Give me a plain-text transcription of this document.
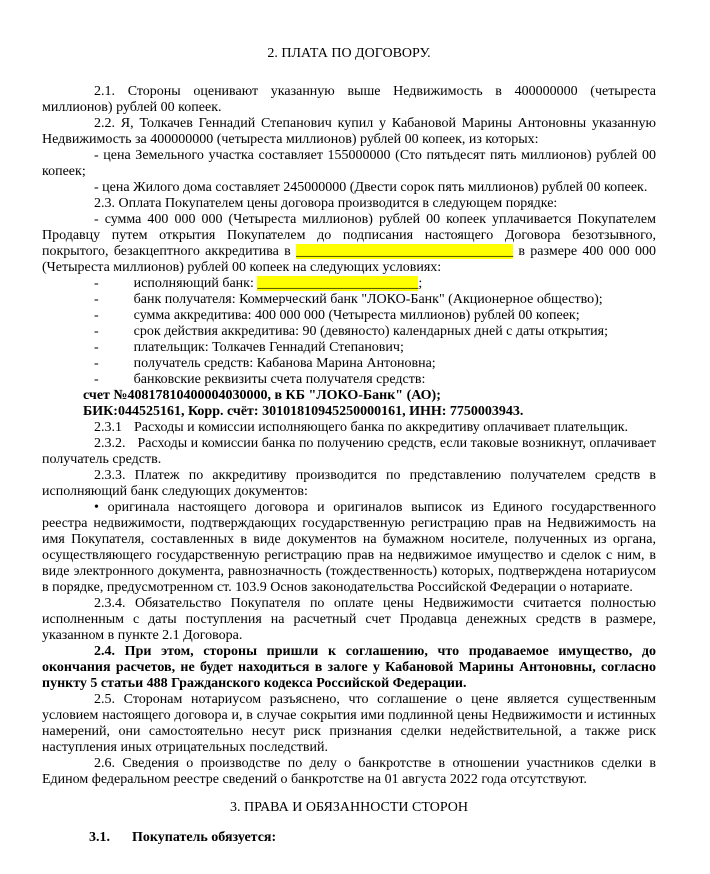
2. ПЛАТА ПО ДОГОВОРУ.

2.1. Стороны оценивают указанную выше Недвижимость в 400000000 (четыреста миллионов) рублей 00 копеек.

2.2. Я, Толкачев Геннадий Степанович купил у Кабановой Марины Антоновны указанную Недвижимость за 400000000 (четыреста миллионов) рублей 00 копеек, из которых:

- цена Земельного участка составляет 155000000 (Сто пятьдесят пять миллионов) рублей 00 копеек;

- цена Жилого дома составляет 245000000 (Двести сорок пять миллионов) рублей 00 копеек.

2.3. Оплата Покупателем цены договора производится в следующем порядке:

- сумма 400 000 000 (Четыреста миллионов) рублей 00 копеек уплачивается Покупателем Продавцу путем открытия Покупателем до подписания настоящего Договора безотзывного, покрытого, безакцептного аккредитива в _______________________________ в размере 400 000 000 (Четыреста миллионов) рублей 00 копеек на следующих условиях:

-	исполняющий банк: _______________________;

-	банк получателя: Коммерческий банк "ЛОКО-Банк" (Акционерное общество);

-	сумма аккредитива: 400 000 000 (Четыреста миллионов) рублей 00 копеек;

-	срок действия аккредитива: 90 (девяносто) календарных дней с даты открытия;

-	плательщик: Толкачев Геннадий Степанович;

-	получатель средств: Кабанова Марина Антоновна;

-	банковские реквизиты счета получателя средств:

счет №40817810400004030000, в КБ "ЛОКО-Банк" (АО);

БИК:044525161, Корр. счёт: 30101810945250000161, ИНН: 7750003943.

2.3.1 Расходы и комиссии исполняющего банка по аккредитиву оплачивает плательщик.

2.3.2. Расходы и комиссии банка по получению средств, если таковые возникнут, оплачивает получатель средств.

2.3.3. Платеж по аккредитиву производится по представлению получателем средств в исполняющий банк следующих документов:

• оригинала настоящего договора и оригиналов выписок из Единого государственного реестра недвижимости, подтверждающих государственную регистрацию прав на Недвижимость на имя Покупателя, составленных в виде документов на бумажном носителе, полученных из органа, осуществляющего государственную регистрацию прав на недвижимое имущество и сделок с ним, в виде электронного документа, равнозначность (тождественность) которых, подтверждена нотариусом в порядке, предусмотренном ст. 103.9 Основ законодательства Российской Федерации о нотариате.

2.3.4. Обязательство Покупателя по оплате цены Недвижимости считается полностью исполненным с даты поступления на расчетный счет Продавца денежных средств в размере, указанном в пункте 2.1 Договора.

2.4. При этом, стороны пришли к соглашению, что продаваемое имущество, до окончания расчетов, не будет находиться в залоге у Кабановой Марины Антоновны, согласно пункту 5 статьи 488 Гражданского кодекса Российской Федерации.

2.5. Сторонам нотариусом разъяснено, что соглашение о цене является существенным условием настоящего договора и, в случае сокрытия ими подлинной цены Недвижимости и истинных намерений, они самостоятельно несут риск признания сделки недействительной, а также риск наступления иных отрицательных последствий.

2.6. Сведения о производстве по делу о банкротстве в отношении участников сделки в Едином федеральном реестре сведений о банкротстве на 01 августа 2022 года отсутствуют.

3. ПРАВА И ОБЯЗАННОСТИ СТОРОН

3.1. Покупатель обязуется:
